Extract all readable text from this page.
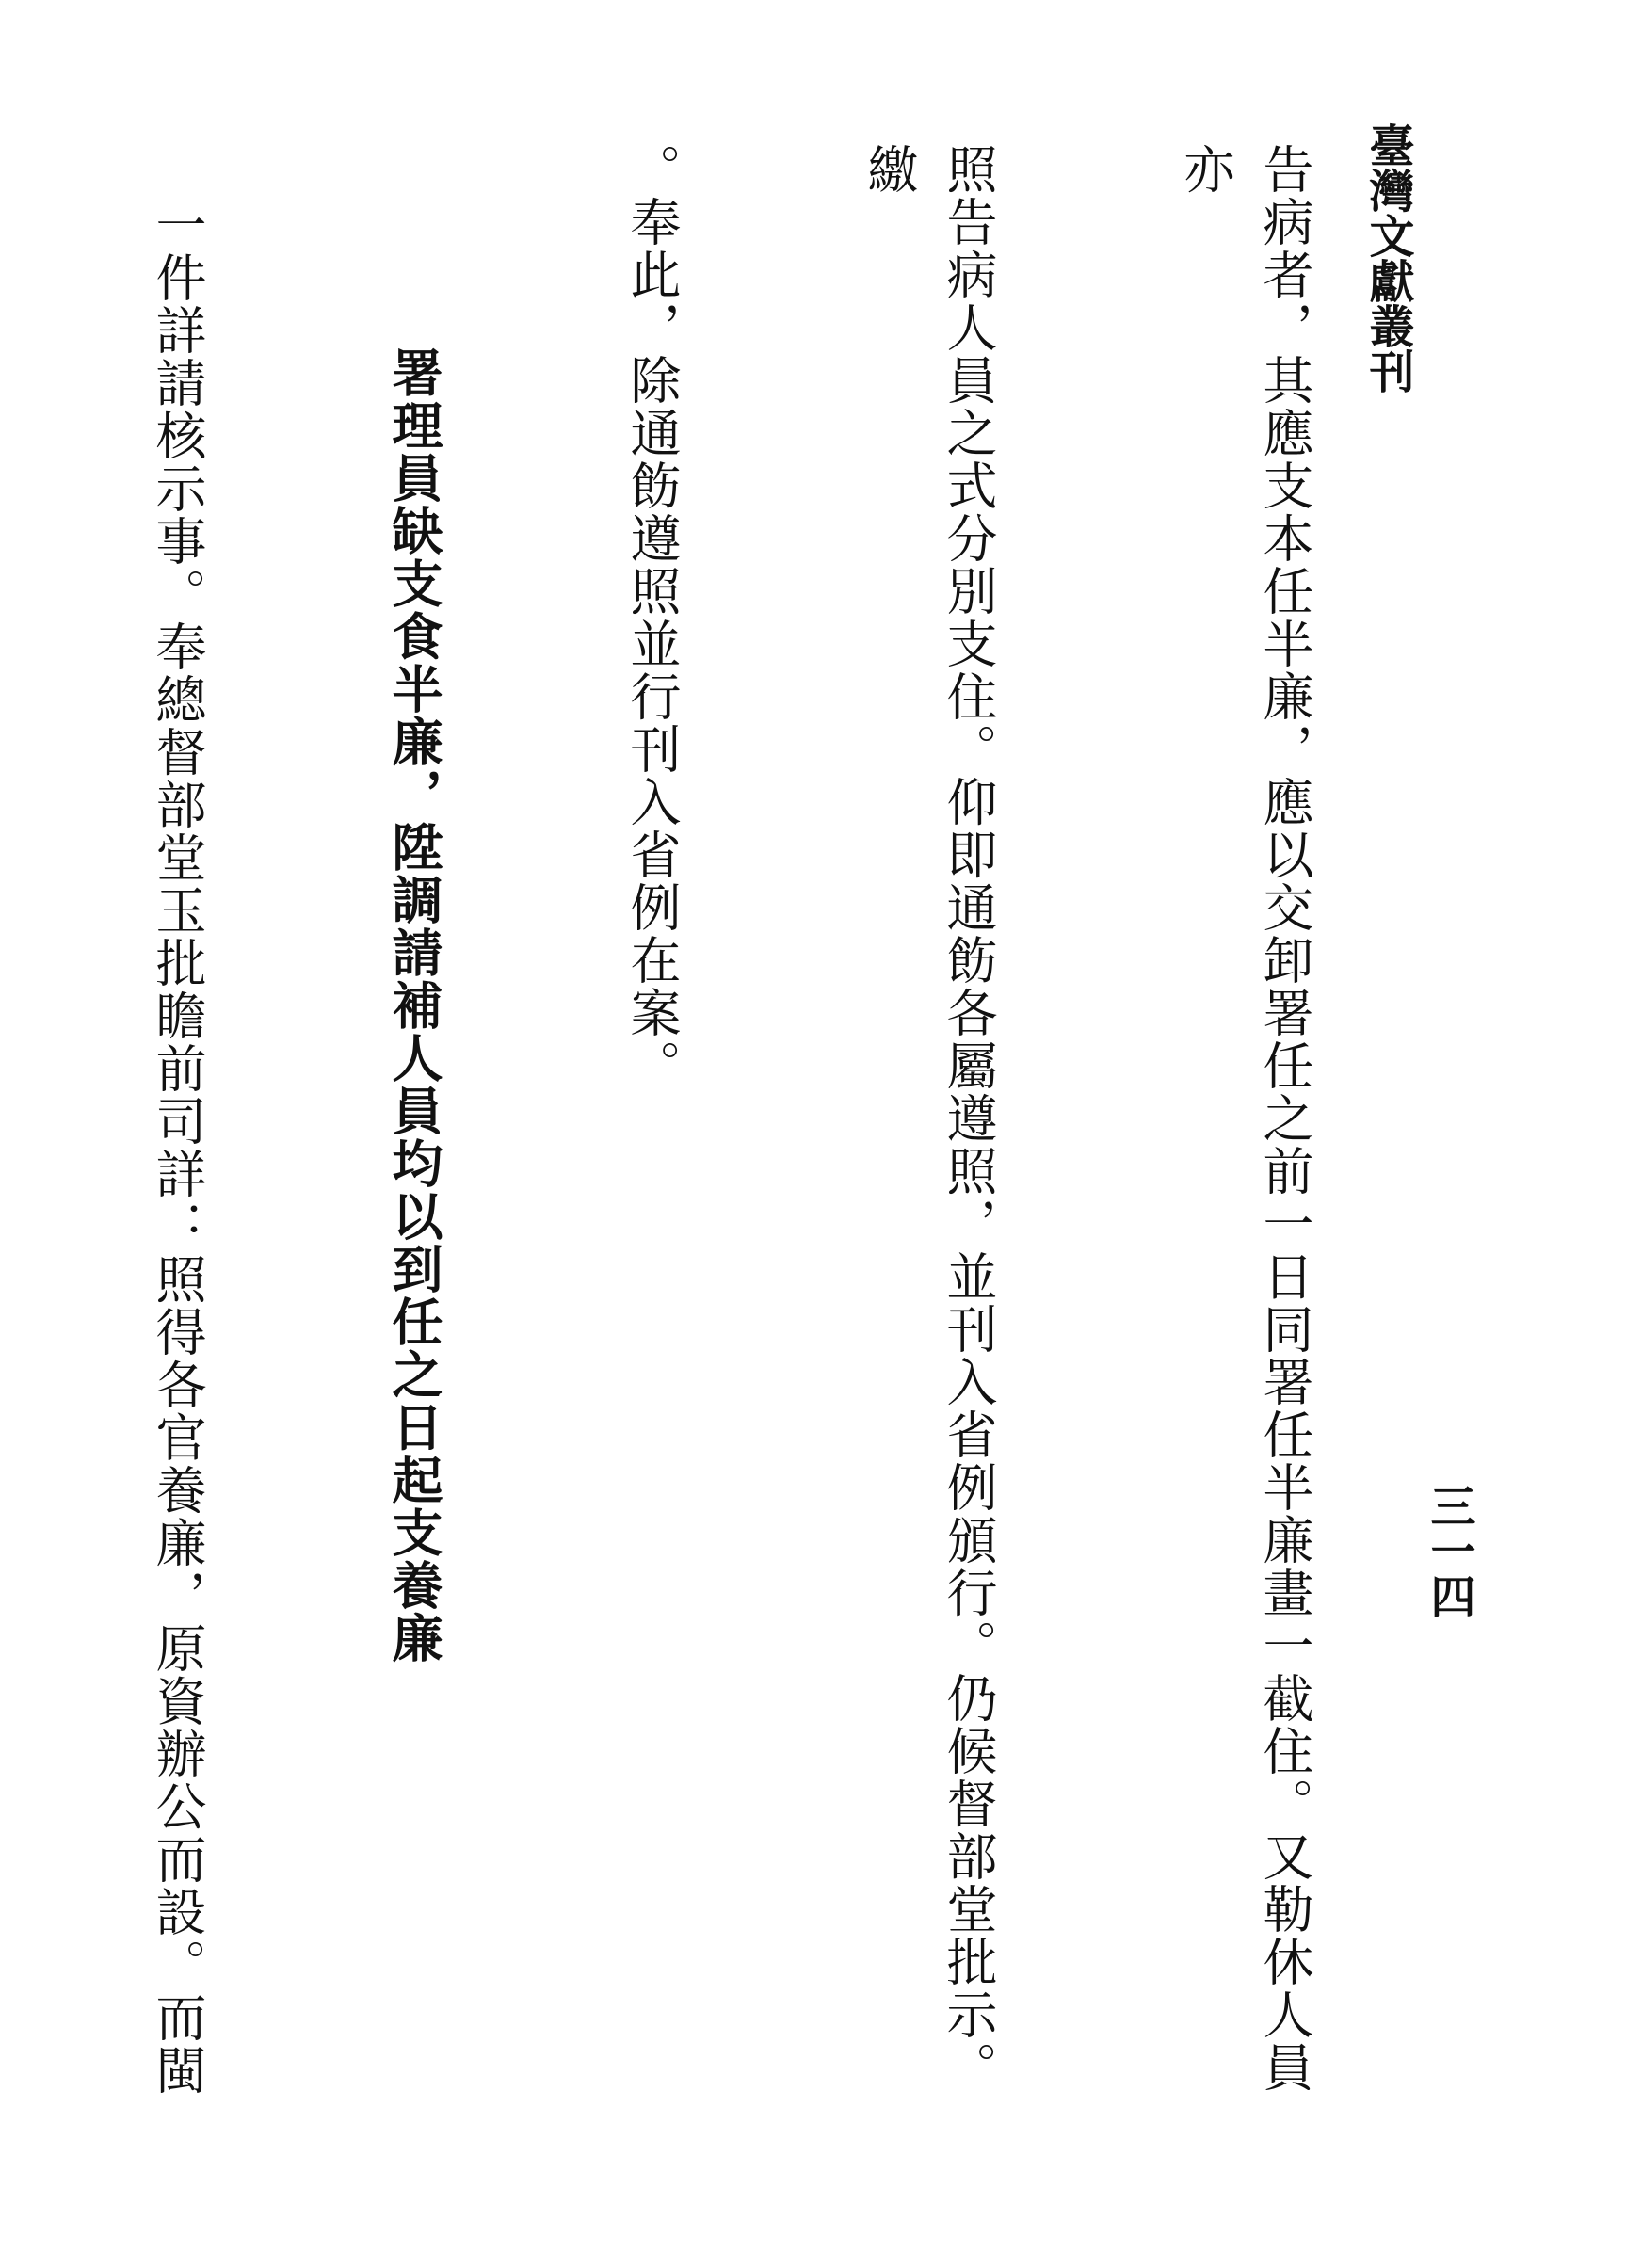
臺灣文獻叢刊
三一四

告病者，其應支本任半廉，應以交卸署任之前一日同署任半廉畫一截住。又勒休人員亦

照告病人員之式分別支住。仰即通飭各屬遵照，並刊入省例頒行。仍候督部堂批示。繳

。奉此，除通飭遵照並行刊入省例在案。

署理員缺支食半廉，陞調請補人員均以到任之日起支養廉

一件詳請核示事。奉總督部堂玉批瞻前司詳：照得各官養廉，原資辦公而設。而閩
